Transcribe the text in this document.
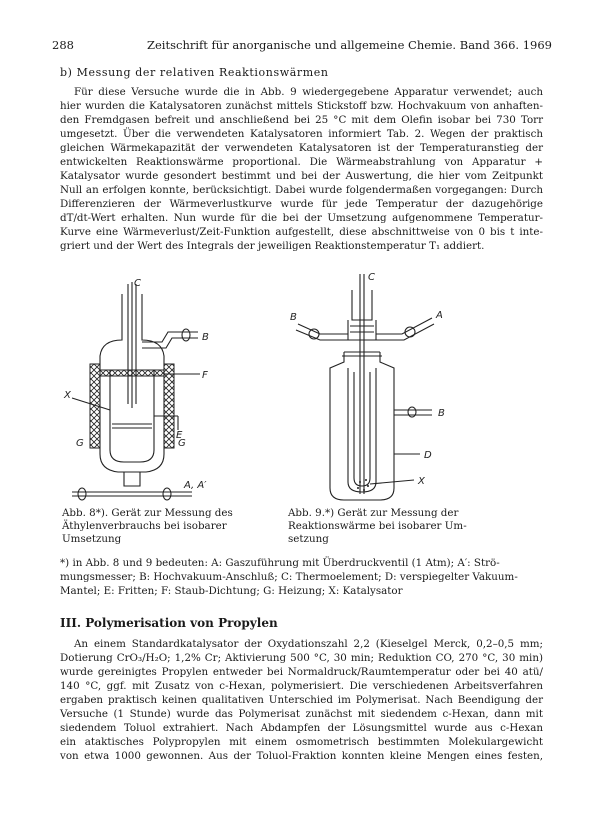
288	Zeitschrift für anorganische und allgemeine Chemie. Band 366. 1969
b) Messung der relativen Reaktionswärmen
Für diese Versuche wurde die in Abb. 9 wiedergegebene Apparatur verwendet; auch
hier wurden die Katalysatoren zunächst mittels Stickstoff bzw. Hochvakuum von anhaften-
den Fremdgasen befreit und anschließend bei 25 °C mit dem Olefin isobar bei 730 Torr
umgesetzt. Über die verwendeten Katalysatoren informiert Tab. 2. Wegen der praktisch
gleichen Wärmekapazität der verwendeten Katalysatoren ist der Temperaturanstieg der
entwickelten Reaktionswärme proportional. Die Wärmeabstrahlung von Apparatur +
Katalysator wurde gesondert bestimmt und bei der Auswertung, die hier vom Zeitpunkt
Null an erfolgen konnte, berücksichtigt. Dabei wurde folgendermaßen vorgegangen: Durch
Differenzieren der Wärmeverlustkurve wurde für jede Temperatur der dazugehörige
dT/dt-Wert erhalten. Nun wurde für die bei der Umsetzung aufgenommene Temperatur-
Kurve eine Wärmeverlust/Zeit-Funktion aufgestellt, diese abschnittweise von 0 bis t inte-
griert und der Wert des Integrals der jeweiligen Reaktionstemperatur T₁ addiert.
C
B
F
X
E
G	G
A, A′
C
B	A
B
D
X
Abb. 8*). Gerät zur Messung des
Äthylenverbrauchs bei isobarer
Umsetzung
Abb. 9.*) Gerät zur Messung der
Reaktionswärme bei isobarer Um-
setzung
*) in Abb. 8 und 9 bedeuten: A: Gaszuführung mit Überdruckventil (1 Atm); A′: Strö-
mungsmesser; B: Hochvakuum-Anschluß; C: Thermoelement; D: verspiegelter Vakuum-
Mantel; E: Fritten; F: Staub-Dichtung; G: Heizung; X: Katalysator
III. Polymerisation von Propylen
An einem Standardkatalysator der Oxydationszahl 2,2 (Kieselgel Merck, 0,2–0,5 mm;
Dotierung CrO₃/H₂O; 1,2% Cr; Aktivierung 500 °C, 30 min; Reduktion CO, 270 °C, 30 min)
wurde gereinigtes Propylen entweder bei Normaldruck/Raumtemperatur oder bei 40 atü/
140 °C, ggf. mit Zusatz von c-Hexan, polymerisiert. Die verschiedenen Arbeitsverfahren
ergaben praktisch keinen qualitativen Unterschied im Polymerisat. Nach Beendigung der
Versuche (1 Stunde) wurde das Polymerisat zunächst mit siedendem c-Hexan, dann mit
siedendem Toluol extrahiert. Nach Abdampfen der Lösungsmittel wurde aus c-Hexan
ein ataktisches Polypropylen mit einem osmometrisch bestimmten Molekulargewicht
von etwa 1000 gewonnen. Aus der Toluol-Fraktion konnten kleine Mengen eines festen,
